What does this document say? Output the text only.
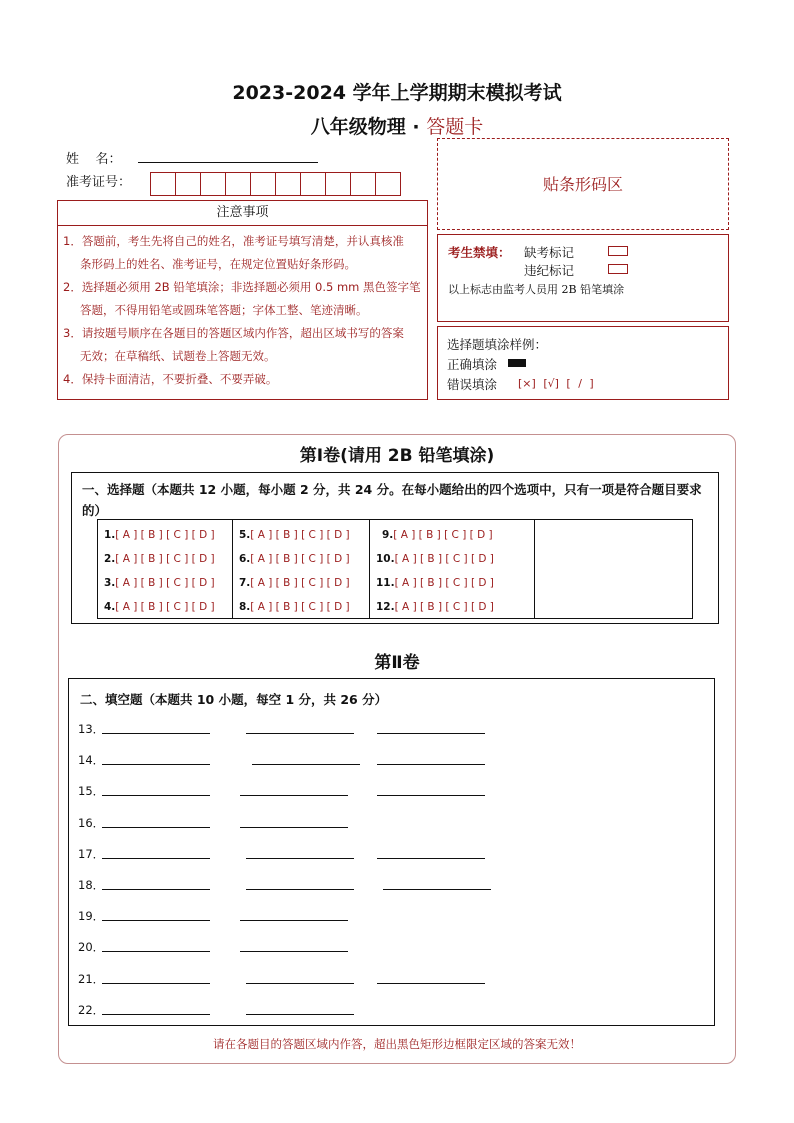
2023-2024 学年上学期期末模拟考试
八年级物理 · 答题卡
姓    名：
准考证号：	贴条形码区
注意事项
1．答题前，考生先将自己的姓名，准考证号填写清楚，并认真核准
条形码上的姓名、准考证号，在规定位置贴好条形码。
2．选择题必须用 2B 铅笔填涂；非选择题必须用 0.5 mm 黑色签字笔
答题，不得用铅笔或圆珠笔答题；字体工整、笔迹清晰。
3．请按题号顺序在各题目的答题区域内作答，超出区域书写的答案
无效；在草稿纸、试题卷上答题无效。
4．保持卡面清洁，不要折叠、不要弄破。
考生禁填： 缺考标记
违纪标记
以上标志由监考人员用 2B 铅笔填涂
选择题填涂样例：
正确填涂
错误填涂 [×] [√] [ / ]
第Ⅰ卷(请用 2B 铅笔填涂)
一、选择题（本题共 12 小题，每小题 2 分，共 24 分。在每小题给出的四个选项中，只有一项是符合题目要求的）
1.[ A ] [ B ] [ C ] [ D ]
2.[ A ] [ B ] [ C ] [ D ]
3.[ A ] [ B ] [ C ] [ D ]
4.[ A ] [ B ] [ C ] [ D ]
5.[ A ] [ B ] [ C ] [ D ]
6.[ A ] [ B ] [ C ] [ D ]
7.[ A ] [ B ] [ C ] [ D ]
8.[ A ] [ B ] [ C ] [ D ]
9.[ A ] [ B ] [ C ] [ D ]
10.[ A ] [ B ] [ C ] [ D ]
11.[ A ] [ B ] [ C ] [ D ]
12.[ A ] [ B ] [ C ] [ D ]
第Ⅱ卷
二、填空题（本题共 10 小题，每空 1 分，共 26 分）
13．
14．
15．
16．
17．
18．
19．
20．
21．
22．
请在各题目的答题区域内作答，超出黑色矩形边框限定区域的答案无效！
